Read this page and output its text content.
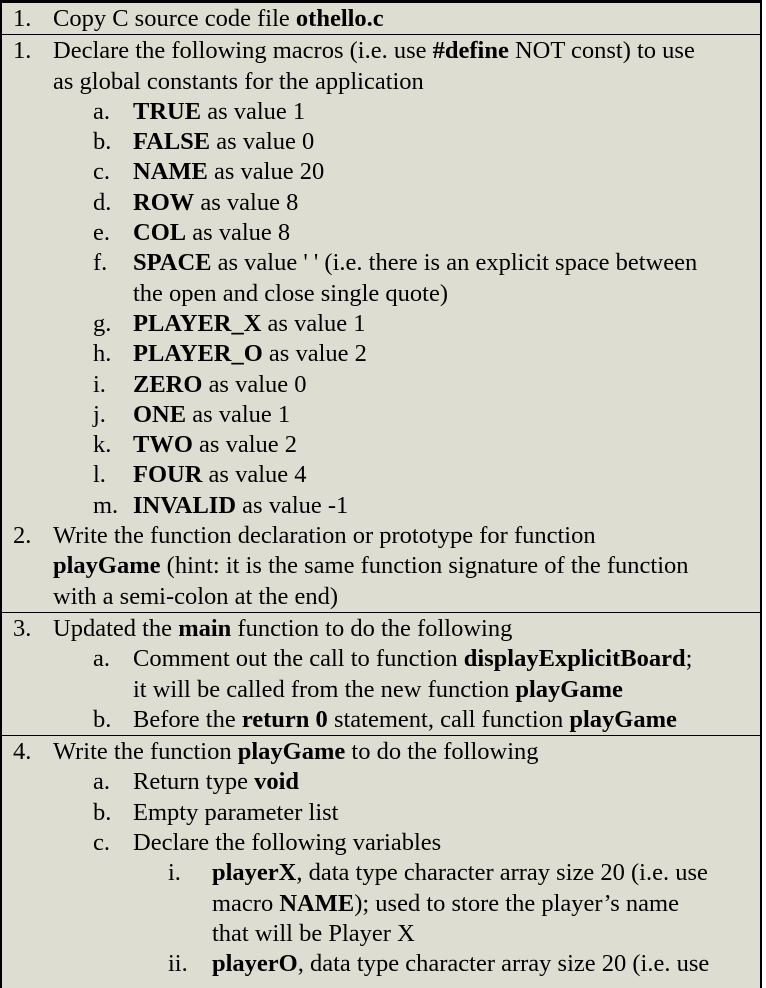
1. Copy C source code file othello.c
1. Declare the following macros (i.e. use #define NOT const) to use
as global constants for the application
a. TRUE as value 1
b. FALSE as value 0
c. NAME as value 20
d. ROW as value 8
e. COL as value 8
f. SPACE as value ' ' (i.e. there is an explicit space between
the open and close single quote)
g. PLAYER_X as value 1
h. PLAYER_O as value 2
i. ZERO as value 0
j. ONE as value 1
k. TWO as value 2
l. FOUR as value 4
m. INVALID as value -1
2. Write the function declaration or prototype for function
playGame (hint: it is the same function signature of the function
with a semi-colon at the end)
3. Updated the main function to do the following
a. Comment out the call to function displayExplicitBoard;
it will be called from the new function playGame
b. Before the return 0 statement, call function playGame
4. Write the function playGame to do the following
a. Return type void
b. Empty parameter list
c. Declare the following variables
i. playerX, data type character array size 20 (i.e. use
macro NAME); used to store the player’s name
that will be Player X
ii. playerO, data type character array size 20 (i.e. use
